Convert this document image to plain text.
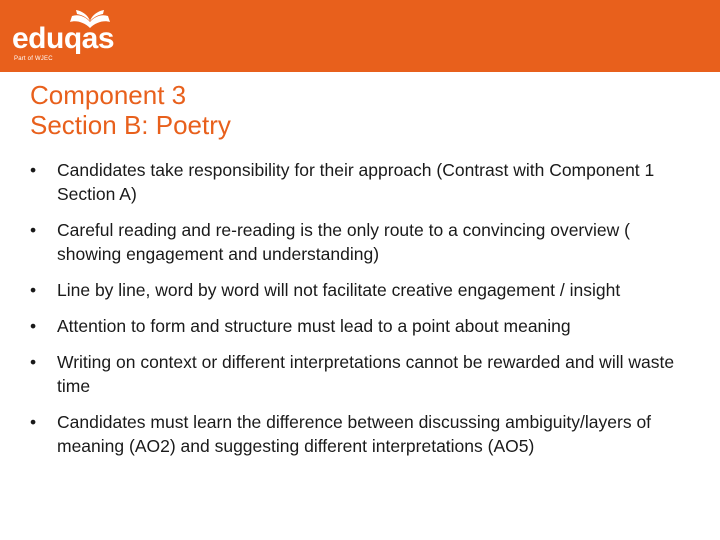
eduqas
Part of WJEC
Component 3
Section B: Poetry
• Candidates take responsibility for their approach (Contrast with Component 1 Section A)
• Careful reading and re-reading is the only route to a convincing overview ( showing engagement and understanding)
• Line by line, word by word will not facilitate creative engagement / insight
• Attention to form and structure must lead to a point about meaning
• Writing on context or different interpretations cannot be rewarded and will waste time
• Candidates must learn the difference between discussing ambiguity/layers of meaning (AO2) and suggesting different interpretations (AO5)
